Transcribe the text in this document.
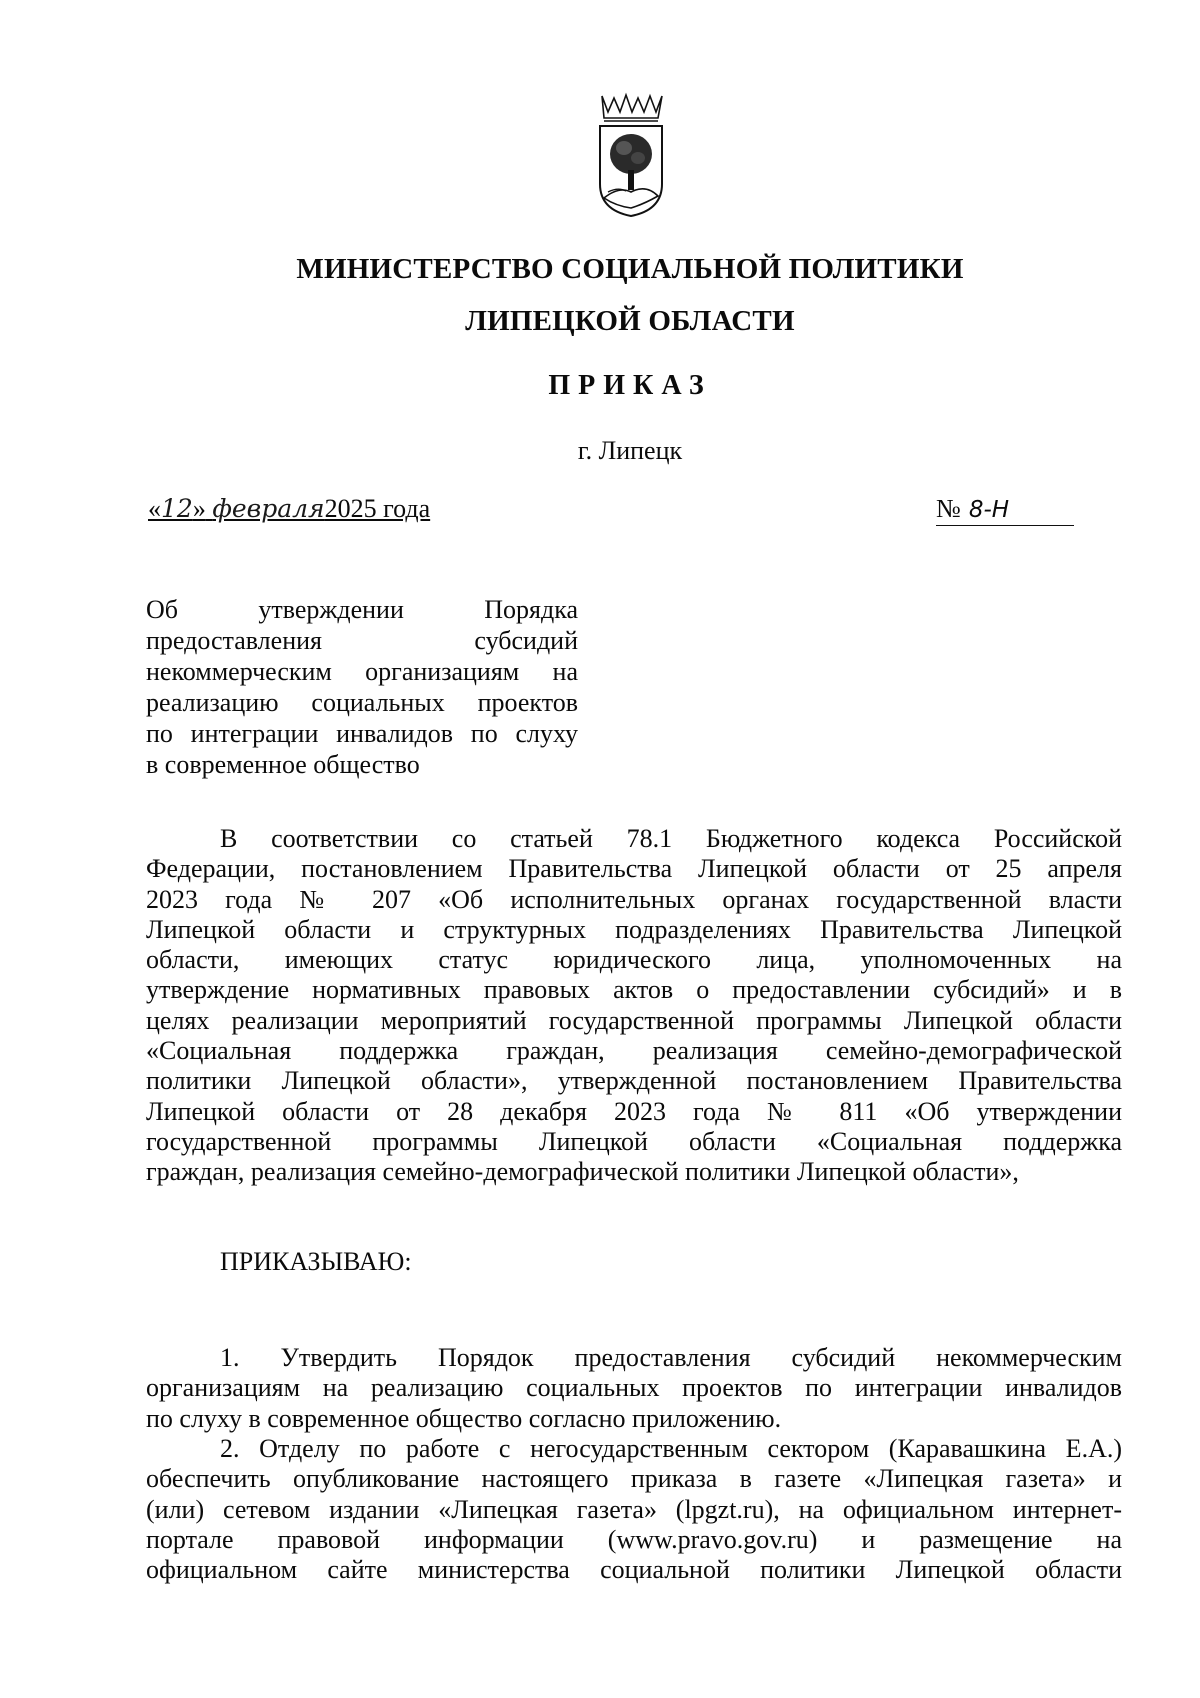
МИНИСТЕРСТВО СОЦИАЛЬНОЙ ПОЛИТИКИ
ЛИПЕЦКОЙ ОБЛАСТИ
ПРИКАЗ
г. Липецк
«12» февраля2025 года	№ 8-Н
Об утверждении Порядка
предоставления субсидий
некоммерческим организациям на
реализацию социальных проектов
по интеграции инвалидов по слуху
в современное общество
В соответствии со статьей 78.1 Бюджетного кодекса Российской
Федерации, постановлением Правительства Липецкой области от 25 апреля
2023 года № 207 «Об исполнительных органах государственной власти
Липецкой области и структурных подразделениях Правительства Липецкой
области, имеющих статус юридического лица, уполномоченных на
утверждение нормативных правовых актов о предоставлении субсидий» и в
целях реализации мероприятий государственной программы Липецкой области
«Социальная поддержка граждан, реализация семейно-демографической
политики Липецкой области», утвержденной постановлением Правительства
Липецкой области от 28 декабря 2023 года № 811 «Об утверждении
государственной программы Липецкой области «Социальная поддержка
граждан, реализация семейно-демографической политики Липецкой области»,
ПРИКАЗЫВАЮ:
1. Утвердить Порядок предоставления субсидий некоммерческим
организациям на реализацию социальных проектов по интеграции инвалидов
по слуху в современное общество согласно приложению.
2. Отделу по работе с негосударственным сектором (Каравашкина Е.А.)
обеспечить опубликование настоящего приказа в газете «Липецкая газета» и
(или) сетевом издании «Липецкая газета» (lpgzt.ru), на официальном интернет-
портале правовой информации (www.pravo.gov.ru) и размещение на
официальном сайте министерства социальной политики Липецкой области
